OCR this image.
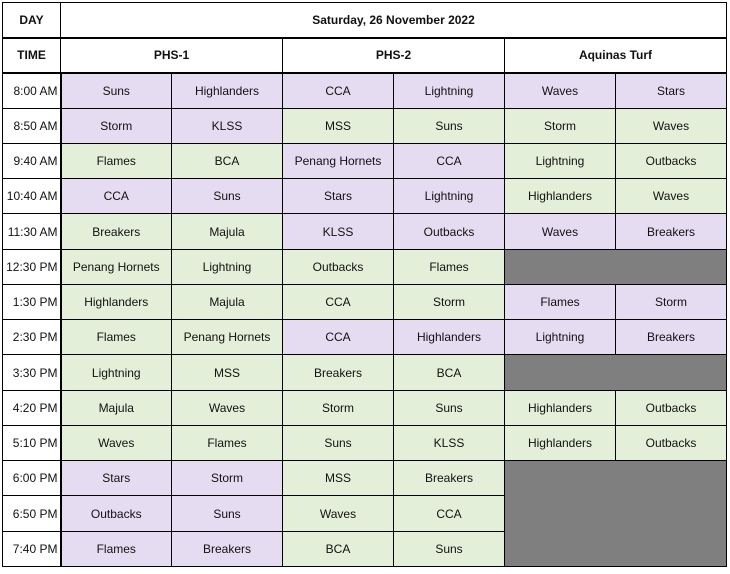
DAY	Saturday, 26 November 2022					
TIME	PHS-1		PHS-2		Aquinas Turf	
8:00 AM	Suns	Highlanders	CCA	Lightning	Waves	Stars
8:50 AM	Storm	KLSS	MSS	Suns	Storm	Waves
9:40 AM	Flames	BCA	Penang Hornets	CCA	Lightning	Outbacks
10:40 AM	CCA	Suns	Stars	Lightning	Highlanders	Waves
11:30 AM	Breakers	Majula	KLSS	Outbacks	Waves	Breakers
12:30 PM	Penang Hornets	Lightning	Outbacks	Flames		
1:30 PM	Highlanders	Majula	CCA	Storm	Flames	Storm
2:30 PM	Flames	Penang Hornets	CCA	Highlanders	Lightning	Breakers
3:30 PM	Lightning	MSS	Breakers	BCA		
4:20 PM	Majula	Waves	Storm	Suns	Highlanders	Outbacks
5:10 PM	Waves	Flames	Suns	KLSS	Highlanders	Outbacks
6:00 PM	Stars	Storm	MSS	Breakers		
6:50 PM	Outbacks	Suns	Waves	CCA		
7:40 PM	Flames	Breakers	BCA	Suns		
